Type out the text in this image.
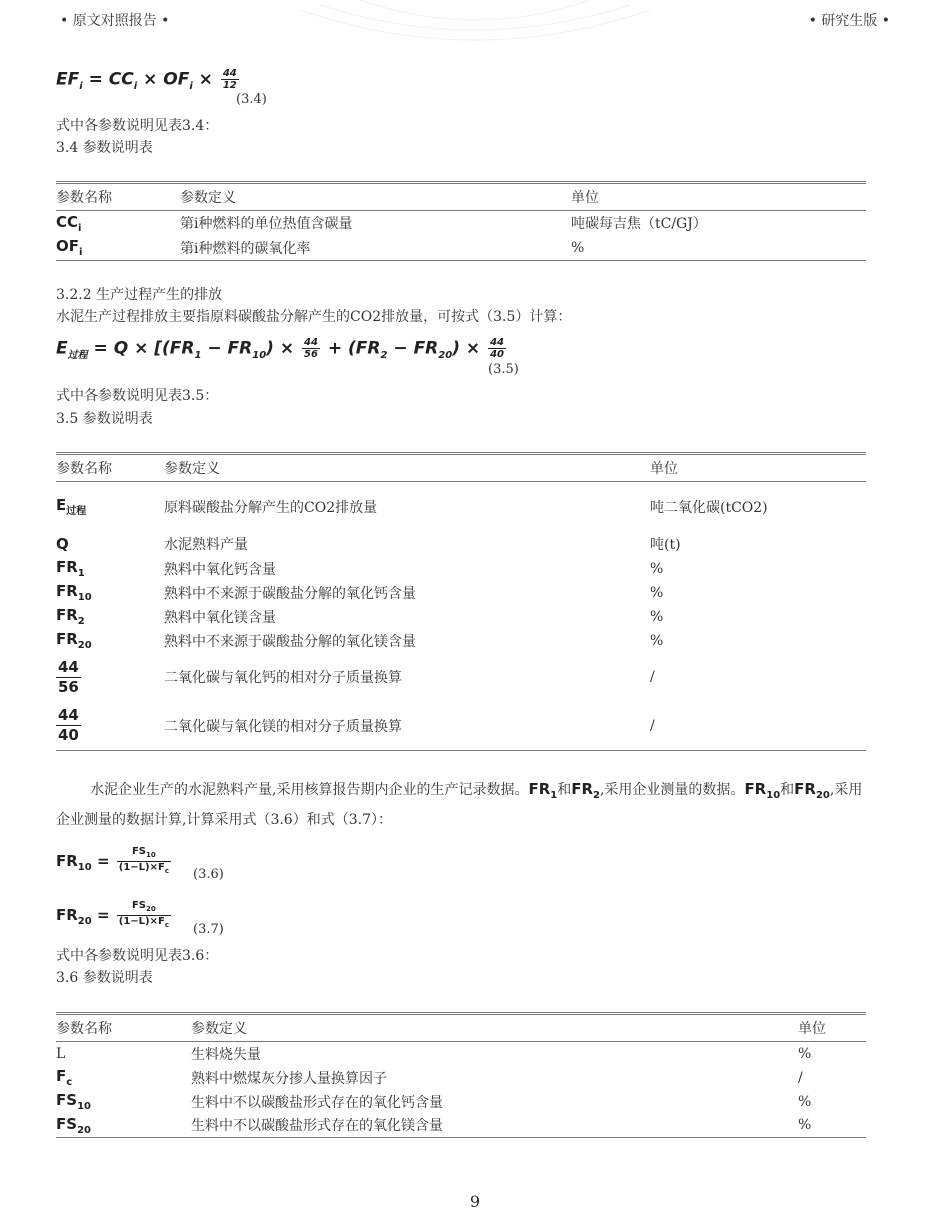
• 原文对照报告 •	• 研究生版 •
$EF_i = CC_i \times OF_i \times \frac{44}{12}$
(3.4)
式中各参数说明见表3.4：
3.4 参数说明表
参数名称	参数定义	单位
$CC_i$	第i种燃料的单位热值含碳量	吨碳每吉焦（tC/GJ）
$OF_i$	第i种燃料的碳氧化率	%
3.2.2 生产过程产生的排放
水泥生产过程排放主要指原料碳酸盐分解产生的CO2排放量，可按式（3.5）计算：
$E_{过程} = Q \times [(FR_1 - FR_{10}) \times \frac{44}{56} + (FR_2 - FR_{20}) \times \frac{44}{40}$
(3.5)
式中各参数说明见表3.5：
3.5 参数说明表
参数名称	参数定义	单位
$E_{过程}$	原料碳酸盐分解产生的CO2排放量	吨二氧化碳(tCO2)
Q	水泥熟料产量	吨(t)
$FR_1$	熟料中氧化钙含量	%
$FR_{10}$	熟料中不来源于碳酸盐分解的氧化钙含量	%
$FR_2$	熟料中氧化镁含量	%
$FR_{20}$	熟料中不来源于碳酸盐分解的氧化镁含量	%

$\frac{44}{56}$	二氧化碳与氧化钙的相对分子质量换算	/

$\frac{44}{40}$	二氧化碳与氧化镁的相对分子质量换算	/
水泥企业生产的水泥熟料产量,采用核算报告期内企业的生产记录数据。$FR_1$和$FR_2$,采用企业测量的数据。$FR_{10}$和$FR_{20}$,采用企业测量的数据计算,计算采用式（3.6）和式（3.7）：
$FR_{10} = \frac{FS_{10}}{(1-L)\times F_c} (3.6)$
$FR_{20} = \frac{FS_{20}}{(1-L)\times F_c} (3.7)$
式中各参数说明见表3.6：
3.6 参数说明表
参数名称	参数定义	单位
L	生料烧失量	%
$F_c$	熟料中燃煤灰分掺人量换算因子	/
$FS_{10}$	生料中不以碳酸盐形式存在的氧化钙含量	%
$FS_{20}$	生料中不以碳酸盐形式存在的氧化镁含量	%
9
